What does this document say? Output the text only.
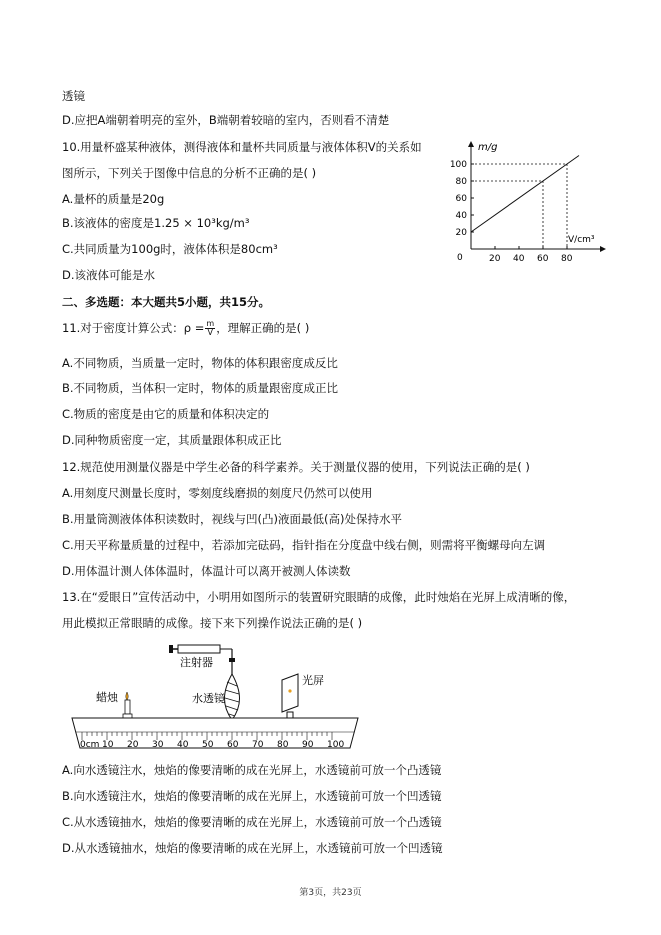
透镜
D.应把A端朝着明亮的室外，B端朝着较暗的室内，否则看不清楚
10.用量杯盛某种液体，测得液体和量杯共同质量与液体体积V的关系如
图所示，下列关于图像中信息的分析不正确的是( )
A.量杯的质量是20g
B.该液体的密度是1.25 × 10³kg/m³
C.共同质量为100g时，液体体积是80cm³
D.该液体可能是水
m/g
V/cm³
0	20 40 60 80
20
40
60
80
100
二、多选题：本大题共5小题，共15分。
11.对于密度计算公式：$\rho = \frac{m}{V}$ ，理解正确的是( )
A.不同物质，当质量一定时，物体的体积跟密度成反比
B.不同物质，当体积一定时，物体的质量跟密度成正比
C.物质的密度是由它的质量和体积决定的
D.同种物质密度一定，其质量跟体积成正比
12.规范使用测量仪器是中学生必备的科学素养。关于测量仪器的使用，下列说法正确的是( )
A.用刻度尺测量长度时，零刻度线磨损的刻度尺仍然可以使用
B.用量筒测液体体积读数时，视线与凹(凸)液面最低(高)处保持水平
C.用天平称量质量的过程中，若添加完砝码，指针指在分度盘中线右侧，则需将平衡螺母向左调
D.用体温计测人体体温时，体温计可以离开被测人体读数
13.在“爱眼日”宣传活动中，小明用如图所示的装置研究眼睛的成像，此时烛焰在光屏上成清晰的像，
用此模拟正常眼睛的成像。接下来下列操作说法正确的是( )
注射器
水透镜
蜡烛
光屏
0cm 10 20 30 40 50 60 70 80 90 100
A.向水透镜注水，烛焰的像要清晰的成在光屏上，水透镜前可放一个凸透镜
B.向水透镜注水，烛焰的像要清晰的成在光屏上，水透镜前可放一个凹透镜
C.从水透镜抽水，烛焰的像要清晰的成在光屏上，水透镜前可放一个凸透镜
D.从水透镜抽水，烛焰的像要清晰的成在光屏上，水透镜前可放一个凹透镜
第3页，共23页
